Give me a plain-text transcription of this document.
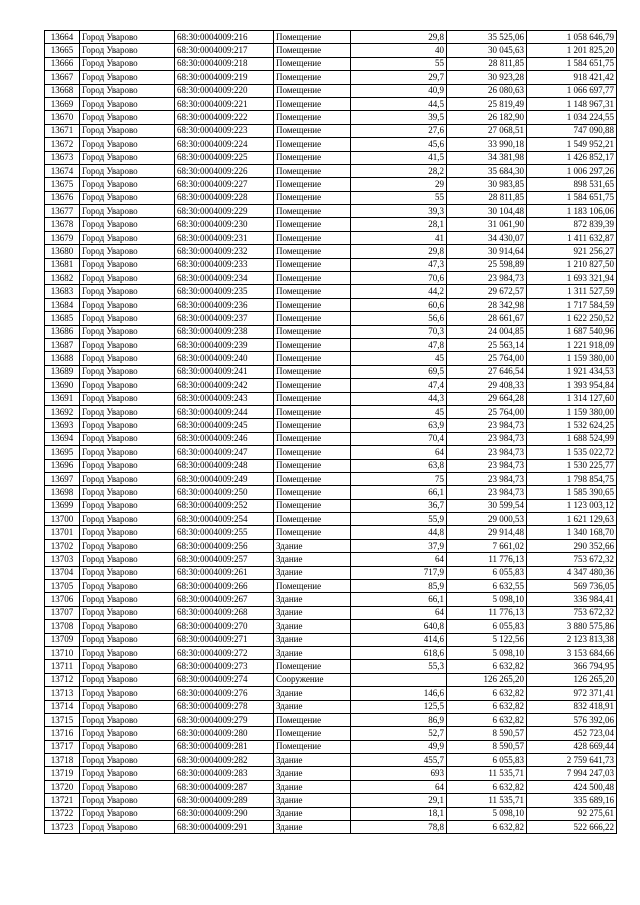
13664	Город Уварово	68:30:0004009:216	Помещение	29,8	35 525,06	1 058 646,79
13665	Город Уварово	68:30:0004009:217	Помещение	40	30 045,63	1 201 825,20
13666	Город Уварово	68:30:0004009:218	Помещение	55	28 811,85	1 584 651,75
13667	Город Уварово	68:30:0004009:219	Помещение	29,7	30 923,28	918 421,42
13668	Город Уварово	68:30:0004009:220	Помещение	40,9	26 080,63	1 066 697,77
13669	Город Уварово	68:30:0004009:221	Помещение	44,5	25 819,49	1 148 967,31
13670	Город Уварово	68:30:0004009:222	Помещение	39,5	26 182,90	1 034 224,55
13671	Город Уварово	68:30:0004009:223	Помещение	27,6	27 068,51	747 090,88
13672	Город Уварово	68:30:0004009:224	Помещение	45,6	33 990,18	1 549 952,21
13673	Город Уварово	68:30:0004009:225	Помещение	41,5	34 381,98	1 426 852,17
13674	Город Уварово	68:30:0004009:226	Помещение	28,2	35 684,30	1 006 297,26
13675	Город Уварово	68:30:0004009:227	Помещение	29	30 983,85	898 531,65
13676	Город Уварово	68:30:0004009:228	Помещение	55	28 811,85	1 584 651,75
13677	Город Уварово	68:30:0004009:229	Помещение	39,3	30 104,48	1 183 106,06
13678	Город Уварово	68:30:0004009:230	Помещение	28,1	31 061,90	872 839,39
13679	Город Уварово	68:30:0004009:231	Помещение	41	34 430,07	1 411 632,87
13680	Город Уварово	68:30:0004009:232	Помещение	29,8	30 914,64	921 256,27
13681	Город Уварово	68:30:0004009:233	Помещение	47,3	25 598,89	1 210 827,50
13682	Город Уварово	68:30:0004009:234	Помещение	70,6	23 984,73	1 693 321,94
13683	Город Уварово	68:30:0004009:235	Помещение	44,2	29 672,57	1 311 527,59
13684	Город Уварово	68:30:0004009:236	Помещение	60,6	28 342,98	1 717 584,59
13685	Город Уварово	68:30:0004009:237	Помещение	56,6	28 661,67	1 622 250,52
13686	Город Уварово	68:30:0004009:238	Помещение	70,3	24 004,85	1 687 540,96
13687	Город Уварово	68:30:0004009:239	Помещение	47,8	25 563,14	1 221 918,09
13688	Город Уварово	68:30:0004009:240	Помещение	45	25 764,00	1 159 380,00
13689	Город Уварово	68:30:0004009:241	Помещение	69,5	27 646,54	1 921 434,53
13690	Город Уварово	68:30:0004009:242	Помещение	47,4	29 408,33	1 393 954,84
13691	Город Уварово	68:30:0004009:243	Помещение	44,3	29 664,28	1 314 127,60
13692	Город Уварово	68:30:0004009:244	Помещение	45	25 764,00	1 159 380,00
13693	Город Уварово	68:30:0004009:245	Помещение	63,9	23 984,73	1 532 624,25
13694	Город Уварово	68:30:0004009:246	Помещение	70,4	23 984,73	1 688 524,99
13695	Город Уварово	68:30:0004009:247	Помещение	64	23 984,73	1 535 022,72
13696	Город Уварово	68:30:0004009:248	Помещение	63,8	23 984,73	1 530 225,77
13697	Город Уварово	68:30:0004009:249	Помещение	75	23 984,73	1 798 854,75
13698	Город Уварово	68:30:0004009:250	Помещение	66,1	23 984,73	1 585 390,65
13699	Город Уварово	68:30:0004009:252	Помещение	36,7	30 599,54	1 123 003,12
13700	Город Уварово	68:30:0004009:254	Помещение	55,9	29 000,53	1 621 129,63
13701	Город Уварово	68:30:0004009:255	Помещение	44,8	29 914,48	1 340 168,70
13702	Город Уварово	68:30:0004009:256	Здание	37,9	7 661,02	290 352,66
13703	Город Уварово	68:30:0004009:257	Здание	64	11 776,13	753 672,32
13704	Город Уварово	68:30:0004009:261	Здание	717,9	6 055,83	4 347 480,36
13705	Город Уварово	68:30:0004009:266	Помещение	85,9	6 632,55	569 736,05
13706	Город Уварово	68:30:0004009:267	Здание	66,1	5 098,10	336 984,41
13707	Город Уварово	68:30:0004009:268	Здание	64	11 776,13	753 672,32
13708	Город Уварово	68:30:0004009:270	Здание	640,8	6 055,83	3 880 575,86
13709	Город Уварово	68:30:0004009:271	Здание	414,6	5 122,56	2 123 813,38
13710	Город Уварово	68:30:0004009:272	Здание	618,6	5 098,10	3 153 684,66
13711	Город Уварово	68:30:0004009:273	Помещение	55,3	6 632,82	366 794,95
13712	Город Уварово	68:30:0004009:274	Сооружение		126 265,20	126 265,20
13713	Город Уварово	68:30:0004009:276	Здание	146,6	6 632,82	972 371,41
13714	Город Уварово	68:30:0004009:278	Здание	125,5	6 632,82	832 418,91
13715	Город Уварово	68:30:0004009:279	Помещение	86,9	6 632,82	576 392,06
13716	Город Уварово	68:30:0004009:280	Помещение	52,7	8 590,57	452 723,04
13717	Город Уварово	68:30:0004009:281	Помещение	49,9	8 590,57	428 669,44
13718	Город Уварово	68:30:0004009:282	Здание	455,7	6 055,83	2 759 641,73
13719	Город Уварово	68:30:0004009:283	Здание	693	11 535,71	7 994 247,03
13720	Город Уварово	68:30:0004009:287	Здание	64	6 632,82	424 500,48
13721	Город Уварово	68:30:0004009:289	Здание	29,1	11 535,71	335 689,16
13722	Город Уварово	68:30:0004009:290	Здание	18,1	5 098,10	92 275,61
13723	Город Уварово	68:30:0004009:291	Здание	78,8	6 632,82	522 666,22
